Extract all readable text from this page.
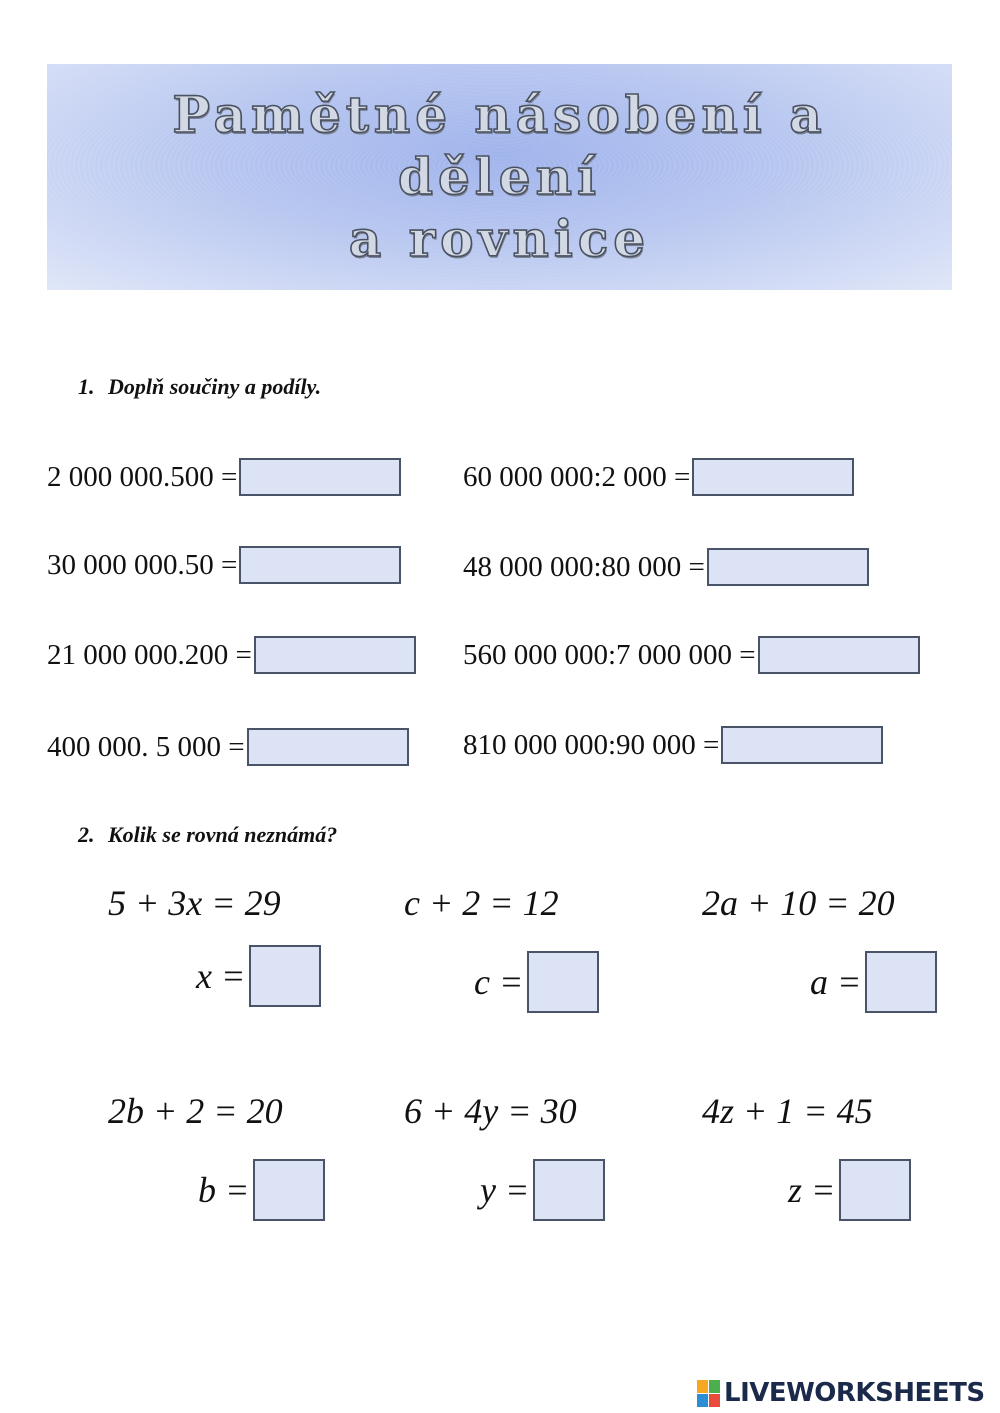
Pamětné násobení a
dělení
a rovnice
1. Doplň součiny a podíly.
2 000 000.500 =	60 000 000:2 000 =
30 000 000.50 =	48 000 000:80 000 =
21 000 000.200 =	560 000 000:7 000 000 =
400 000. 5 000 =	810 000 000:90 000 =
2. Kolik se rovná neznámá?
5 + 3x = 29	c + 2 = 12	2a + 10 = 20
x =	c =	a =
2b + 2 = 20	6 + 4y = 30	4z + 1 = 45
b =	y =	z =
LIVEWORKSHEETS
